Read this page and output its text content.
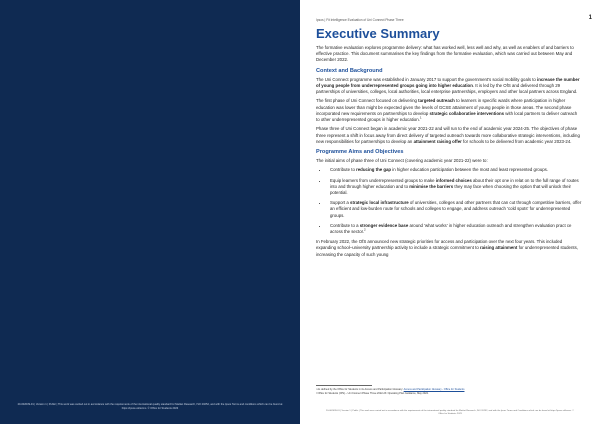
20-002039-01 | Version 1 | Public | This work was carried out in accordance with the requirements of the international quality standard for Market Research, ISO 20252, and with the Ipsos Terms and conditions which can be found at https://ipsos.uk/terms. © Office for Students 2023
Ipsos | Fit Intelligence Evaluation of Uni Connect Phase Three	1
Executive Summary

The formative evaluation explores programme delivery: what has worked well, less well and why, as well as enablers of and barriers to effective practice. This document summarises the key findings from the formative evaluation, which was carried out between May and December 2022.

Context and Background

The Uni Connect programme was established in January 2017 to support the government's social mobility goals to increase the number of young people from underrepresented groups going into higher education. It is led by the OfS and delivered through 29 partnerships of universities, colleges, local authorities, local enterprise partnerships, employers and other local partners across England.

The first phase of Uni Connect focused on delivering targeted outreach to learners in specific wards where participation in higher education was lower than might be expected given the levels of GCSE attainment of young people in those areas. The second phase incorporated new requirements on partnerships to develop strategic collaborative interventions with local partners to deliver outreach to other underrepresented groups in higher education.$^1$

Phase three of Uni Connect began in academic year 2021-22 and will run to the end of academic year 2024-25. The objectives of phase three represent a shift in focus away from direct delivery of targeted outreach towards more collaborative strategic interventions, including new responsibilities for partnerships to develop an attainment raising offer for schools to be delivered from academic year 2023-24.

Programme Aims and Objectives

The initial aims of phase three of Uni Connect (covering academic year 2021-22) were to:

• Contribute to reducing the gap in higher education participation between the most and least represented groups.
• Equip learners from underrepresented groups to make informed choices about their opt one in relat on to the full range of routes into and through higher education and to minimise the barriers they may face when choosing the option that will unlock their potential.
• Support a strategic local infrastructure of universities, colleges and other partners that can cut through competitive barriers, offer an efficient and low-burden route for schools and colleges to engage, and address outreach 'cold spots' for underrepresented groups.
• Contribute to a stronger evidence base around 'what works' in higher education outreach and strengthen evaluation pract ce across the sector.$^2$

In February 2022, the OfS announced new strategic priorities for access and participation over the next four years. This included expanding school–university partnership activity to include a strategic commitment to raising attainment for underrepresented students, increasing the capacity of such young

¹ As defined by the Office for Students in its Access and Participation Glossary: Access and Participation Glossary - Office for Students
² Office for Students (OfS) – Uni Connect Phase Three 2022-23: Operating Plan Guidance, May 2022.
20-002039-01 | Version 1 | Public | This work was carried out in accordance with the requirements of the international quality standard for Market Research, ISO 20252, and with the Ipsos Terms and Conditions which can be found at https://ipsos.uk/terms. © Office for Students 2023
